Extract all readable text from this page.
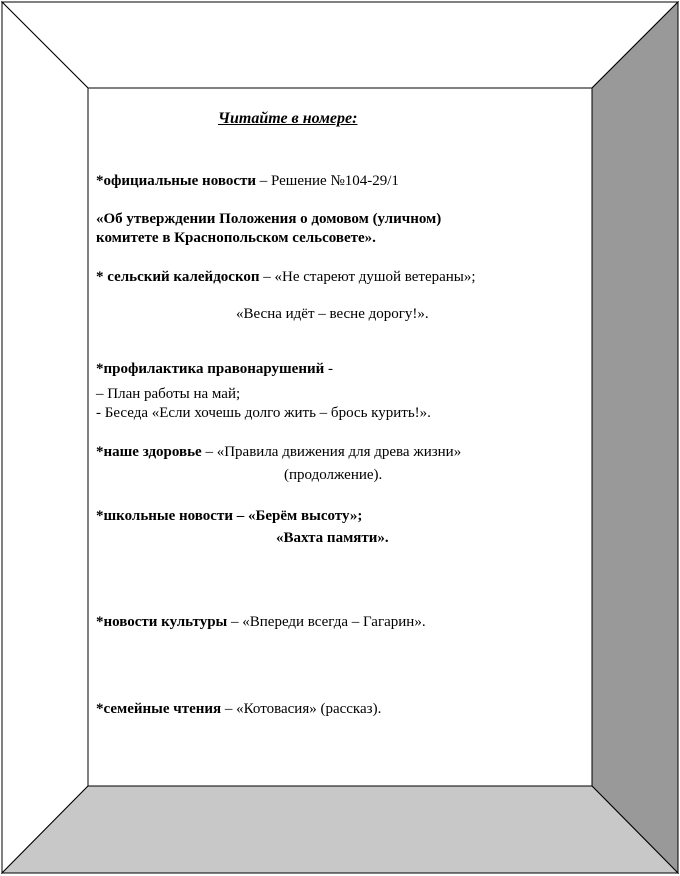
Читайте в номере:
*официальные новости – Решение №104-29/1
«Об утверждении Положения о домовом (уличном)
комитете в Краснопольском сельсовете».
* сельский калейдоскоп – «Не стареют душой ветераны»;
«Весна идёт – весне дорогу!».
*профилактика правонарушений -
– План работы на май;
- Беседа «Если хочешь долго жить – брось курить!».
*наше здоровье – «Правила движения для древа жизни»
(продолжение).
*школьные новости – «Берём высоту»;
«Вахта памяти».
*новости культуры – «Впереди всегда – Гагарин».
*семейные чтения – «Котовасия» (рассказ).
